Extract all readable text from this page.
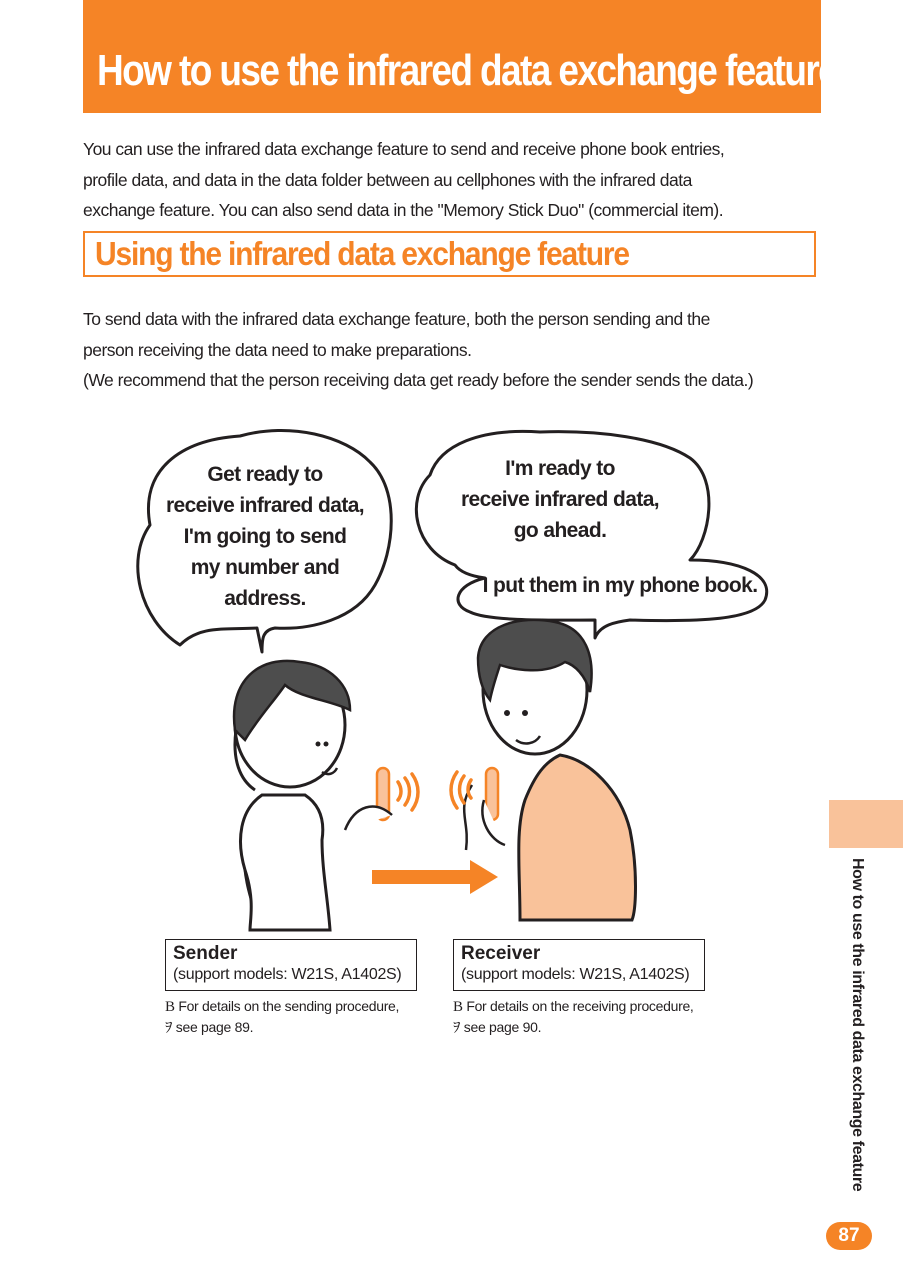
How to use the infrared data exchange feature
You can use the infrared data exchange feature to send and receive phone book entries,
profile data, and data in the data folder between au cellphones with the infrared data
exchange feature. You can also send data in the "Memory Stick Duo" (commercial item).
Using the infrared data exchange feature
To send data with the infrared data exchange feature, both the person sending and the
person receiving the data need to make preparations.
(We recommend that the person receiving data get ready before the sender sends the data.)
Get ready to
receive infrared data,
I'm going to send
my number and address.
I'm ready to
receive infrared data,
go ahead.
I put them in my phone book.
Sender
(support models: W21S, A1402S)
B For details on the sending procedure,
ｦ see page 89.
Receiver
(support models: W21S, A1402S)
B For details on the receiving procedure,
ｦ see page 90.	How to use the infrared data exchange feature
87
